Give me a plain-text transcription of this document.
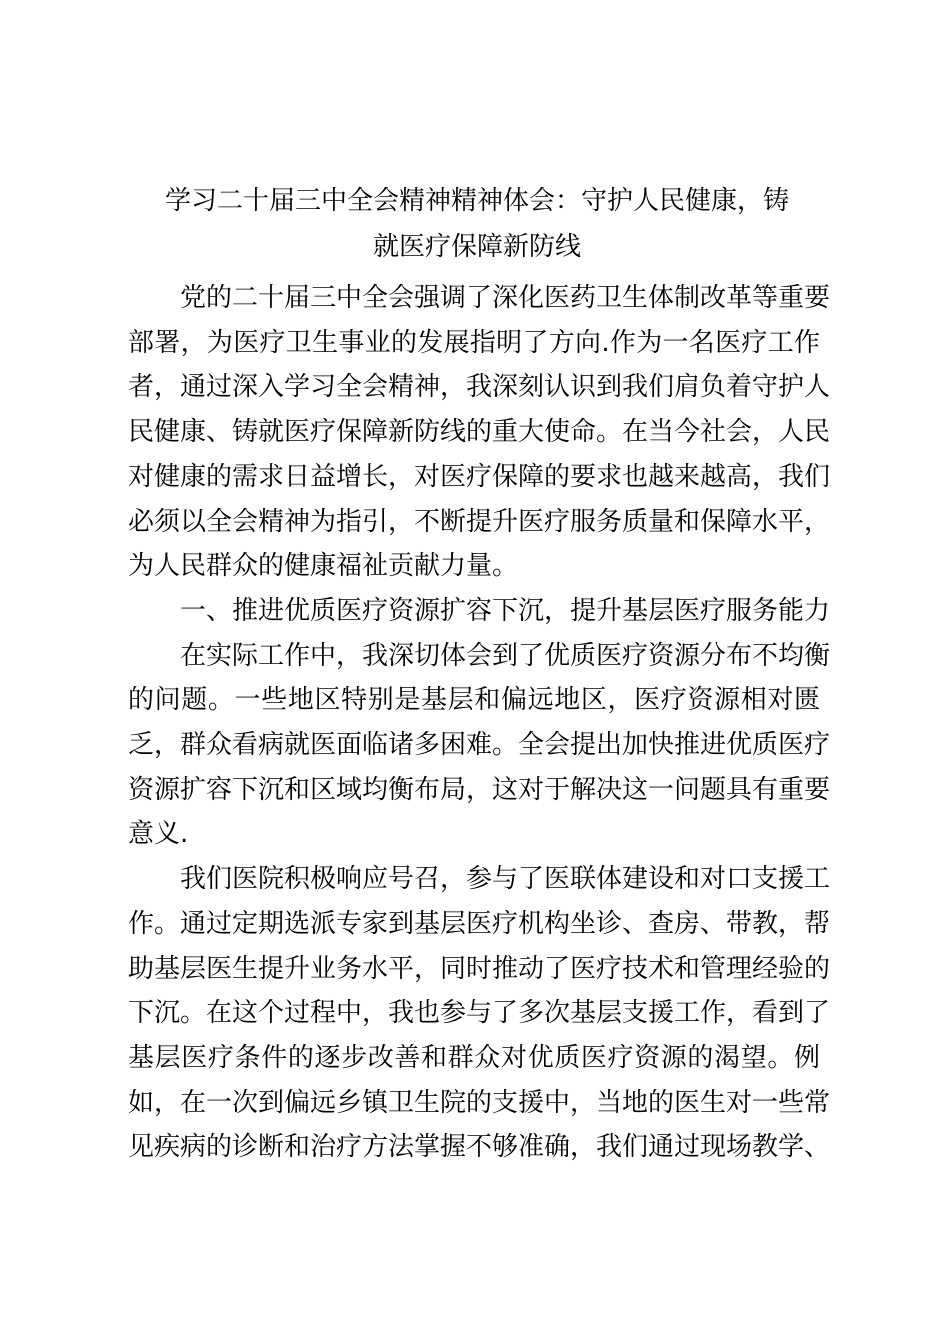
学习二十届三中全会精神精神体会：守护人民健康，铸
就医疗保障新防线

党的二十届三中全会强调了深化医药卫生体制改革等重要
部署，为医疗卫生事业的发展指明了方向.作为一名医疗工作
者，通过深入学习全会精神，我深刻认识到我们肩负着守护人
民健康、铸就医疗保障新防线的重大使命。在当今社会，人民
对健康的需求日益增长，对医疗保障的要求也越来越高，我们
必须以全会精神为指引，不断提升医疗服务质量和保障水平，
为人民群众的健康福祉贡献力量。

一、推进优质医疗资源扩容下沉，提升基层医疗服务能力

在实际工作中，我深切体会到了优质医疗资源分布不均衡
的问题。一些地区特别是基层和偏远地区，医疗资源相对匮
乏，群众看病就医面临诸多困难。全会提出加快推进优质医疗
资源扩容下沉和区域均衡布局，这对于解决这一问题具有重要
意义.

我们医院积极响应号召，参与了医联体建设和对口支援工
作。通过定期选派专家到基层医疗机构坐诊、查房、带教，帮
助基层医生提升业务水平，同时推动了医疗技术和管理经验的
下沉。在这个过程中，我也参与了多次基层支援工作，看到了
基层医疗条件的逐步改善和群众对优质医疗资源的渴望。例
如，在一次到偏远乡镇卫生院的支援中，当地的医生对一些常
见疾病的诊断和治疗方法掌握不够准确，我们通过现场教学、
